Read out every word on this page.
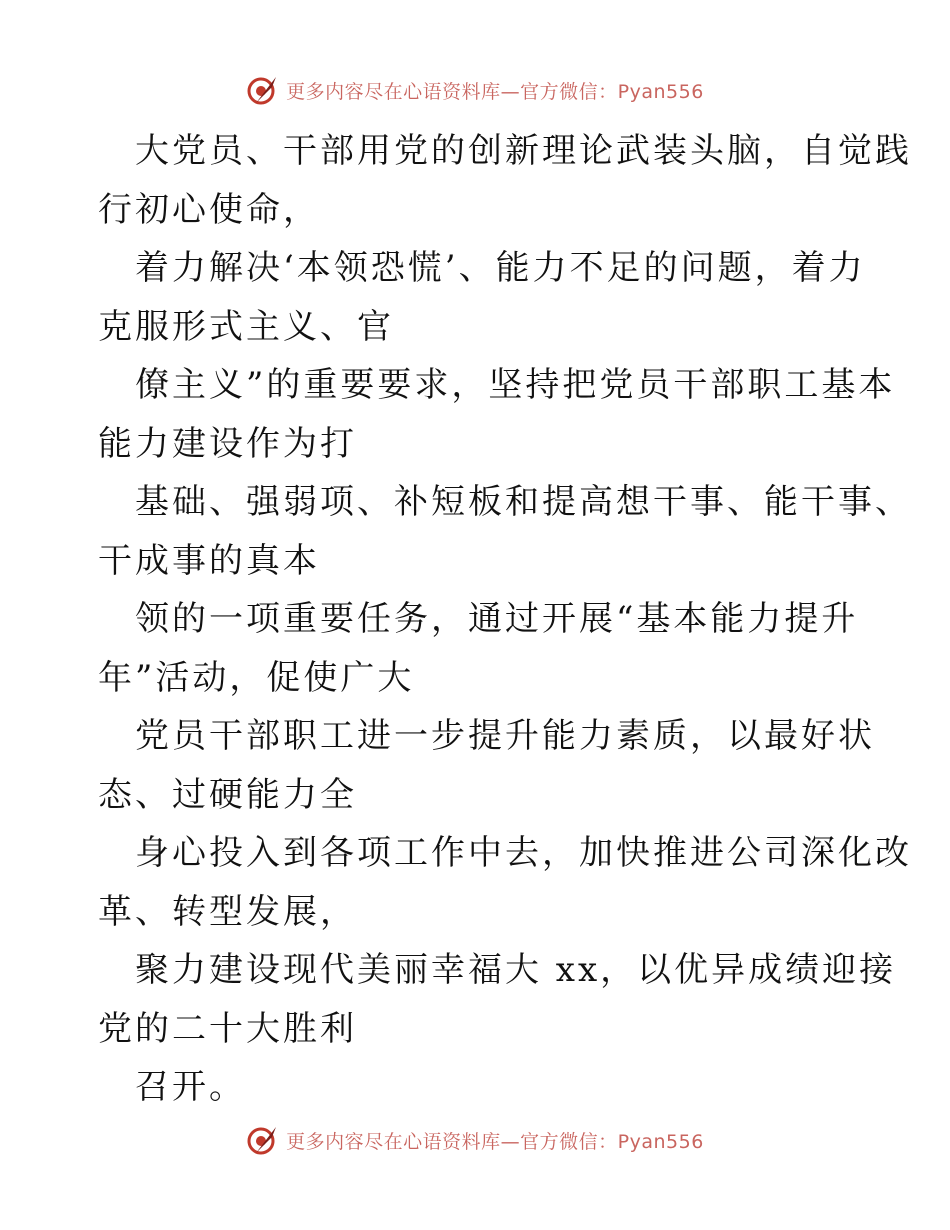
更多内容尽在心语资料库—官方微信：Pyan556

大党员、干部用党的创新理论武装头脑，自觉践
行初心使命，

着力解决‘本领恐慌’、能力不足的问题，着力
克服形式主义、官

僚主义”的重要要求，坚持把党员干部职工基本
能力建设作为打

基础、强弱项、补短板和提高想干事、能干事、
干成事的真本

领的一项重要任务，通过开展“基本能力提升
年”活动，促使广大

党员干部职工进一步提升能力素质，以最好状
态、过硬能力全

身心投入到各项工作中去，加快推进公司深化改
革、转型发展，

聚力建设现代美丽幸福大 xx，以优异成绩迎接
党的二十大胜利

召开。

更多内容尽在心语资料库—官方微信：Pyan556
